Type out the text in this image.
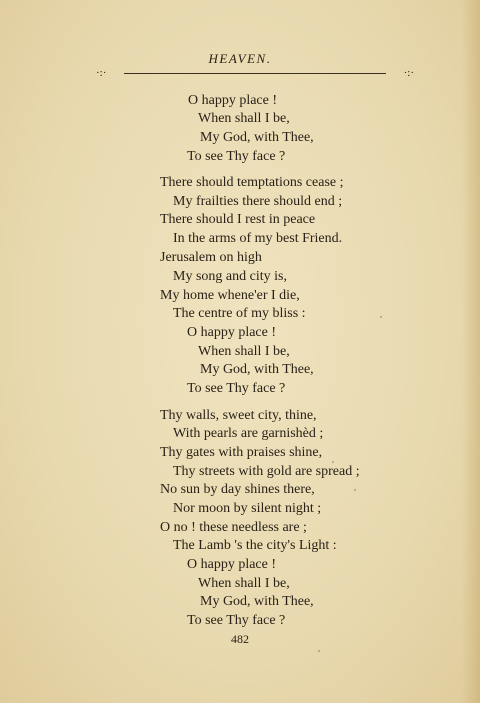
HEAVEN.
·:·	·:·
O happy place !
When shall I be,
My God, with Thee,
To see Thy face ?
There should temptations cease ;
My frailties there should end ;
There should I rest in peace
In the arms of my best Friend.
Jerusalem on high
My song and city is,
My home whene'er I die,
The centre of my bliss :
O happy place !
When shall I be,
My God, with Thee,
To see Thy face ?
Thy walls, sweet city, thine,
With pearls are garnishèd ;
Thy gates with praises shine,
Thy streets with gold are spread ;
No sun by day shines there,
Nor moon by silent night ;
O no ! these needless are ;
The Lamb 's the city's Light :
O happy place !
When shall I be,
My God, with Thee,
To see Thy face ?
482
